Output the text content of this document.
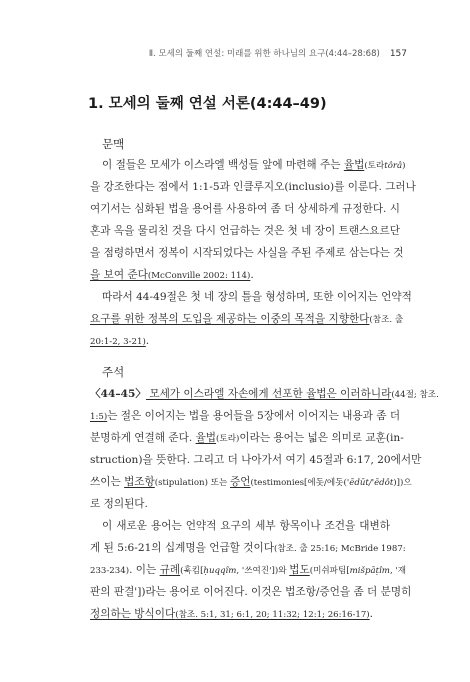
Ⅱ. 모세의 둘째 연설: 미래를 위한 하나님의 요구(4:44–28:68) 157
1. 모세의 둘째 연설 서론(4:44–49)
문맥
이 절들은 모세가 이스라엘 백성들 앞에 마련해 주는 율법(토라tôrâ)
을 강조한다는 점에서 1:1-5과 인클루지오(inclusio)를 이룬다. 그러나
여기서는 심화된 법을 용어를 사용하여 좀 더 상세하게 규정한다. 시
혼과 옥을 물리친 것을 다시 언급하는 것은 첫 네 장이 트랜스요르단
을 점령하면서 정복이 시작되었다는 사실을 주된 주제로 삼는다는 것
을 보여 준다(McConville 2002: 114).
따라서 44-49절은 첫 네 장의 틀을 형성하며, 또한 이어지는 언약적
요구를 위한 정복의 도입을 제공하는 이중의 목적을 지향한다(참조. 출
20:1-2, 3-21).
주석
〈44–45〉 모세가 이스라엘 자손에게 선포한 율법은 이러하니라(44절; 참조.
1:5)는 절은 이어지는 법을 용어들을 5장에서 이어지는 내용과 좀 더
분명하게 연결해 준다. 율법(토라)이라는 용어는 넓은 의미로 교훈(in-
struction)을 뜻한다. 그리고 더 나아가서 여기 45절과 6:17, 20에서만
쓰이는 법조항(stipulation) 또는 증언(testimonies[에돗/에돗('ēdūt/'ēdôt)])으
로 정의된다.
이 새로운 용어는 언약적 요구의 세부 항목이나 조건을 대변하
게 된 5:6-21의 십계명을 언급할 것이다(참조. 출 25:16; McBride 1987:
233-234). 이는 규례(훅킴[ḥuqqîm, '쓰여진'])와 법도(미쉬파팀[mišpāṭîm, '재
판의 판결'])라는 용어로 이어진다. 이것은 법조항/증언을 좀 더 분명히
정의하는 방식이다(참조. 5:1, 31; 6:1, 20; 11:32; 12:1; 26:16-17).
